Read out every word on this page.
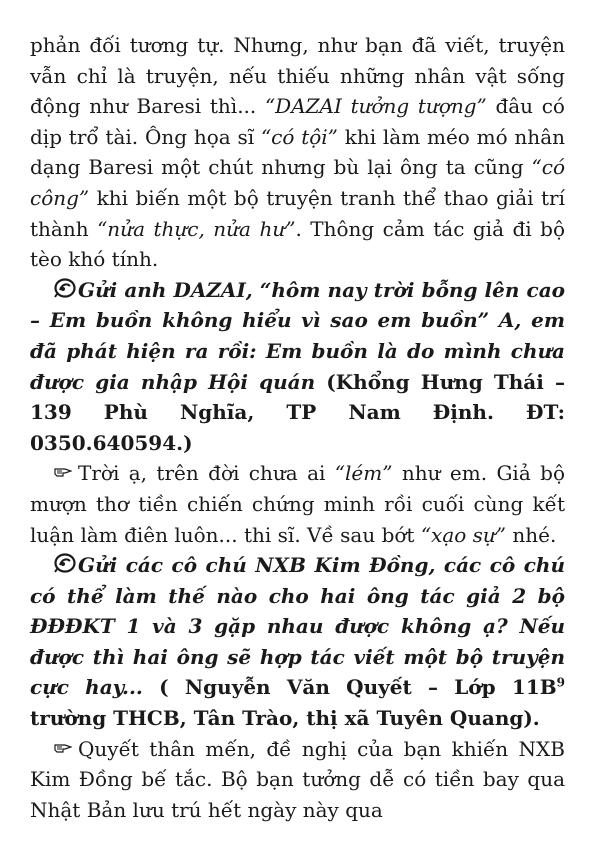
phản đối tương tự. Nhưng, như bạn đã viết, truyện vẫn chỉ là truyện, nếu thiếu những nhân vật sống động như Baresi thì... “DAZAI tưởng tượng” đâu có dịp trổ tài. Ông họa sĩ “có tội” khi làm méo mó nhân dạng Baresi một chút nhưng bù lại ông ta cũng “có công” khi biến một bộ truyện tranh thể thao giải trí thành “nửa thực, nửa hư”. Thông cảm tác giả đi bộ tèo khó tính.

Gửi anh DAZAI, “hôm nay trời bỗng lên cao – Em buồn không hiểu vì sao em buồn” A, em đã phát hiện ra rồi: Em buồn là do mình chưa được gia nhập Hội quán (Khổng Hưng Thái – 139 Phù Nghĩa, TP Nam Định. ĐT: 0350.640594.)

Trời ạ, trên đời chưa ai “lém” như em. Giả bộ mượn thơ tiền chiến chứng minh rồi cuối cùng kết luận làm điên luôn... thi sĩ. Về sau bớt “xạo sự” nhé.

Gửi các cô chú NXB Kim Đồng, các cô chú có thể làm thế nào cho hai ông tác giả 2 bộ ĐĐĐKT 1 và 3 gặp nhau được không ạ? Nếu được thì hai ông sẽ hợp tác viết một bộ truyện cực hay... ( Nguyễn Văn Quyết – Lớp $11B^9$ trường THCB, Tân Trào, thị xã Tuyên Quang).

Quyết thân mến, đề nghị của bạn khiến NXB Kim Đồng bế tắc. Bộ bạn tưởng dễ có tiền bay qua Nhật Bản lưu trú hết ngày này qua
